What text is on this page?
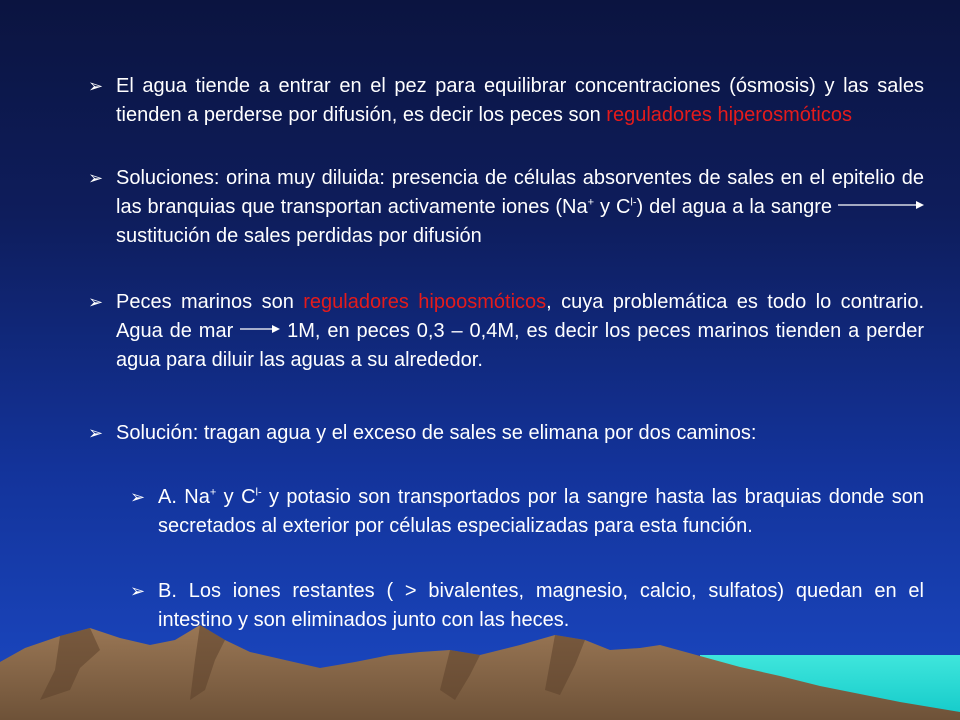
➢ El agua tiende a entrar en el pez para equilibrar concentraciones (ósmosis) y las sales tienden a perderse por difusión, es decir los peces son reguladores hiperosmóticos
➢ Soluciones: orina muy diluida: presencia de células absorventes de sales en el epitelio de las branquias que transportan activamente iones (Na+ y $C^{l-}$) del agua a la sangre
sustitución de sales perdidas por difusión
➢ Peces marinos son reguladores hipoosmóticos, cuya problemática es todo lo contrario. Agua de mar	1M, en peces 0,3 – 0,4M, es decir los peces marinos tienden a perder agua para diluir las aguas a su alrededor.
➢ Solución: tragan agua y el exceso de sales se elimana por dos caminos:
➢ A. Na+ y $C^{l-}$ y potasio son transportados por la sangre hasta las braquias donde son secretados al exterior por células especializadas para esta función.
➢ B. Los iones restantes ( > bivalentes, magnesio, calcio, sulfatos) quedan en el intestino y son eliminados junto con las heces.
